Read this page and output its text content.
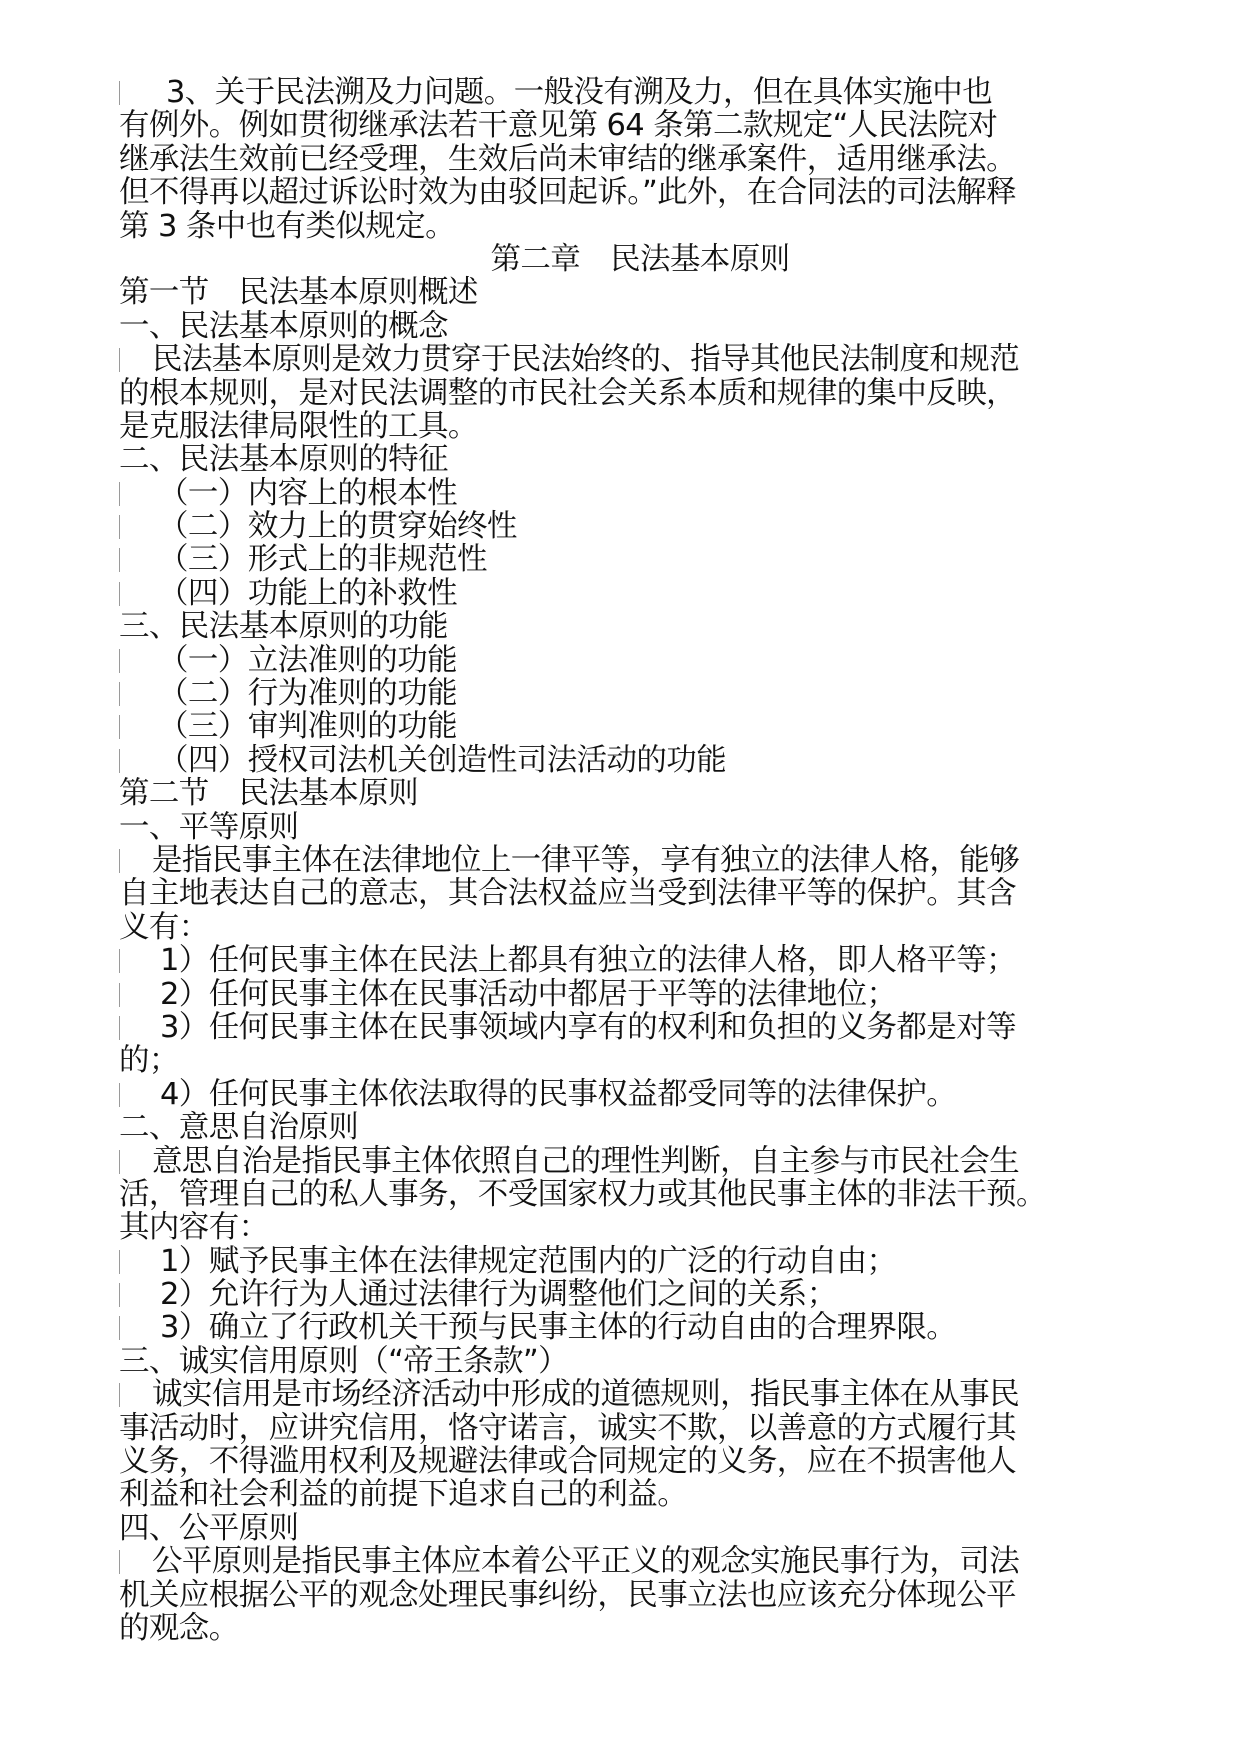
3、关于民法溯及力问题。一般没有溯及力，但在具体实施中也
有例外。例如贯彻继承法若干意见第 64 条第二款规定“人民法院对
继承法生效前已经受理，生效后尚未审结的继承案件，适用继承法。
但不得再以超过诉讼时效为由驳回起诉。”此外，在合同法的司法解释
第 3 条中也有类似规定。
第二章　民法基本原则
第一节　民法基本原则概述
一、民法基本原则的概念
民法基本原则是效力贯穿于民法始终的、指导其他民法制度和规范
的根本规则，是对民法调整的市民社会关系本质和规律的集中反映，
是克服法律局限性的工具。
二、民法基本原则的特征
（一）内容上的根本性
（二）效力上的贯穿始终性
（三）形式上的非规范性
（四）功能上的补救性
三、民法基本原则的功能
（一）立法准则的功能
（二）行为准则的功能
（三）审判准则的功能
（四）授权司法机关创造性司法活动的功能
第二节　民法基本原则
一、平等原则
是指民事主体在法律地位上一律平等，享有独立的法律人格，能够
自主地表达自己的意志，其合法权益应当受到法律平等的保护。其含
义有：
1）任何民事主体在民法上都具有独立的法律人格，即人格平等；
2）任何民事主体在民事活动中都居于平等的法律地位；
3）任何民事主体在民事领域内享有的权利和负担的义务都是对等
的；
4）任何民事主体依法取得的民事权益都受同等的法律保护。
二、意思自治原则
意思自治是指民事主体依照自己的理性判断，自主参与市民社会生
活，管理自己的私人事务，不受国家权力或其他民事主体的非法干预。
其内容有：
1）赋予民事主体在法律规定范围内的广泛的行动自由；
2）允许行为人通过法律行为调整他们之间的关系；
3）确立了行政机关干预与民事主体的行动自由的合理界限。
三、诚实信用原则（“帝王条款”）
诚实信用是市场经济活动中形成的道德规则，指民事主体在从事民
事活动时，应讲究信用，恪守诺言，诚实不欺，以善意的方式履行其
义务，不得滥用权利及规避法律或合同规定的义务，应在不损害他人
利益和社会利益的前提下追求自己的利益。
四、公平原则
公平原则是指民事主体应本着公平正义的观念实施民事行为，司法
机关应根据公平的观念处理民事纠纷，民事立法也应该充分体现公平
的观念。
